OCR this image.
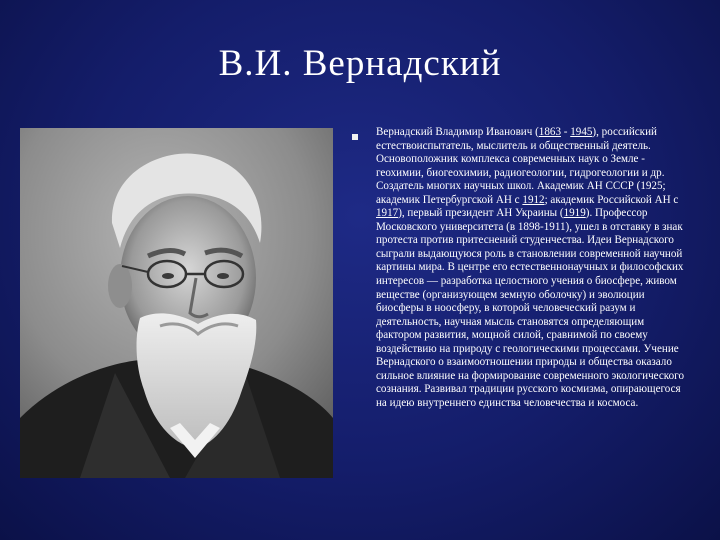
В.И. Вернадский
Вернадский Владимир Иванович (1863 - 1945), российский естествоиспытатель, мыслитель и общественный деятель. Основоположник комплекса современных наук о Земле - геохимии, биогеохимии, радиогеологии, гидрогеологии и др. Создатель многих научных школ. Академик АН СССР (1925; академик Петербургской АН с 1912; академик Российской АН с 1917), первый президент АН Украины (1919). Профессор Московского университета (в 1898-1911), ушел в отставку в знак протеста против притеснений студенчества. Идеи Вернадского сыграли выдающуюся роль в становлении современной научной картины мира. В центре его естественнонаучных и философских интересов — разработка целостного учения о биосфере, живом веществе (организующем земную оболочку) и эволюции биосферы в ноосферу, в которой человеческий разум и деятельность, научная мысль становятся определяющим фактором развития, мощной силой, сравнимой по своему воздействию на природу с геологическими процессами. Учение Вернадского о взаимоотношении природы и общества оказало сильное влияние на формирование современного экологического сознания. Развивал традиции русского космизма, опирающегося на идею внутреннего единства человечества и космоса.
